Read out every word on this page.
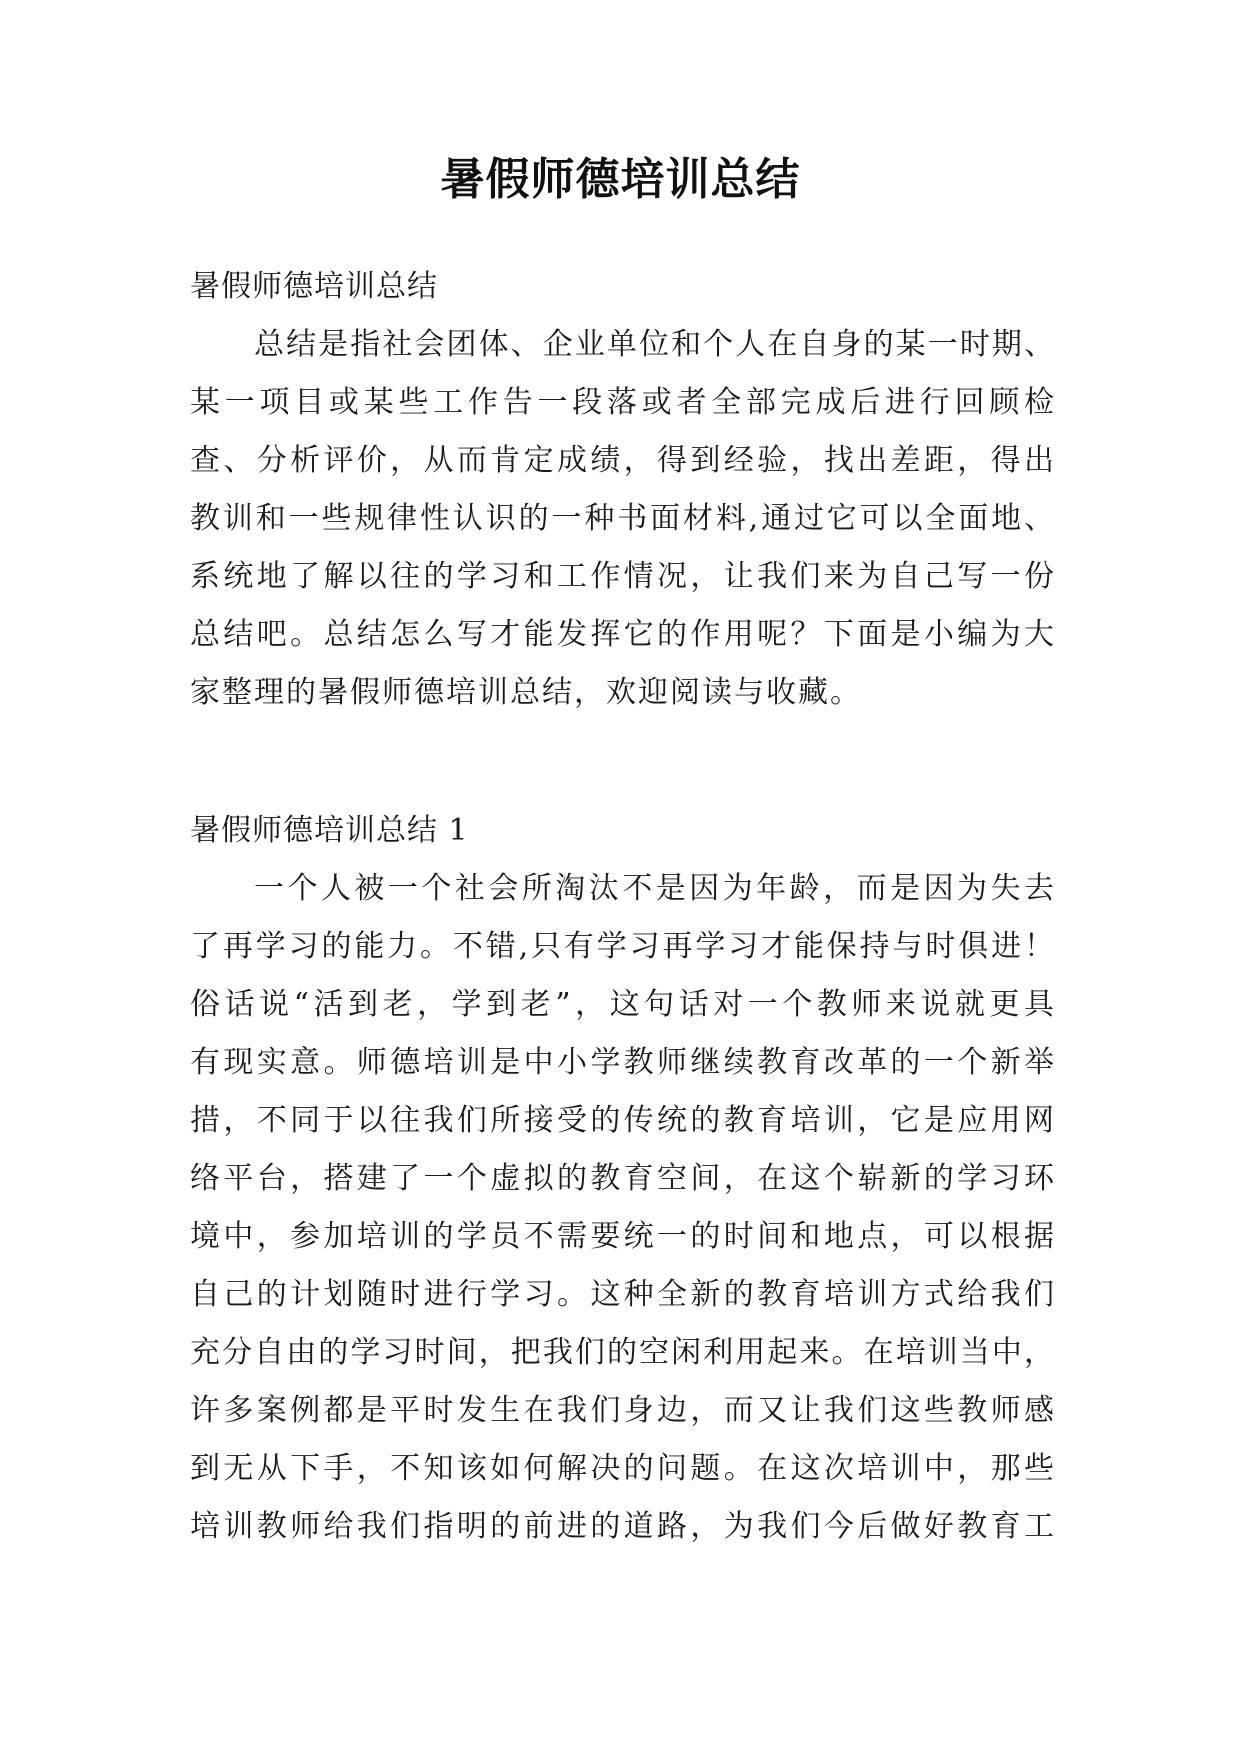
暑假师德培训总结
暑假师德培训总结
总结是指社会团体、企业单位和个人在自身的某一时期、
某一项目或某些工作告一段落或者全部完成后进行回顾检
查、分析评价，从而肯定成绩，得到经验，找出差距，得出
教训和一些规律性认识的一种书面材料,通过它可以全面地、
系统地了解以往的学习和工作情况，让我们来为自己写一份
总结吧。总结怎么写才能发挥它的作用呢？下面是小编为大
家整理的暑假师德培训总结，欢迎阅读与收藏。
暑假师德培训总结 1
一个人被一个社会所淘汰不是因为年龄，而是因为失去
了再学习的能力。不错,只有学习再学习才能保持与时俱进！
俗话说“活到老，学到老”，这句话对一个教师来说就更具
有现实意。师德培训是中小学教师继续教育改革的一个新举
措，不同于以往我们所接受的传统的教育培训，它是应用网
络平台，搭建了一个虚拟的教育空间，在这个崭新的学习环
境中，参加培训的学员不需要统一的时间和地点，可以根据
自己的计划随时进行学习。这种全新的教育培训方式给我们
充分自由的学习时间，把我们的空闲利用起来。在培训当中，
许多案例都是平时发生在我们身边，而又让我们这些教师感
到无从下手，不知该如何解决的问题。在这次培训中，那些
培训教师给我们指明的前进的道路，为我们今后做好教育工
